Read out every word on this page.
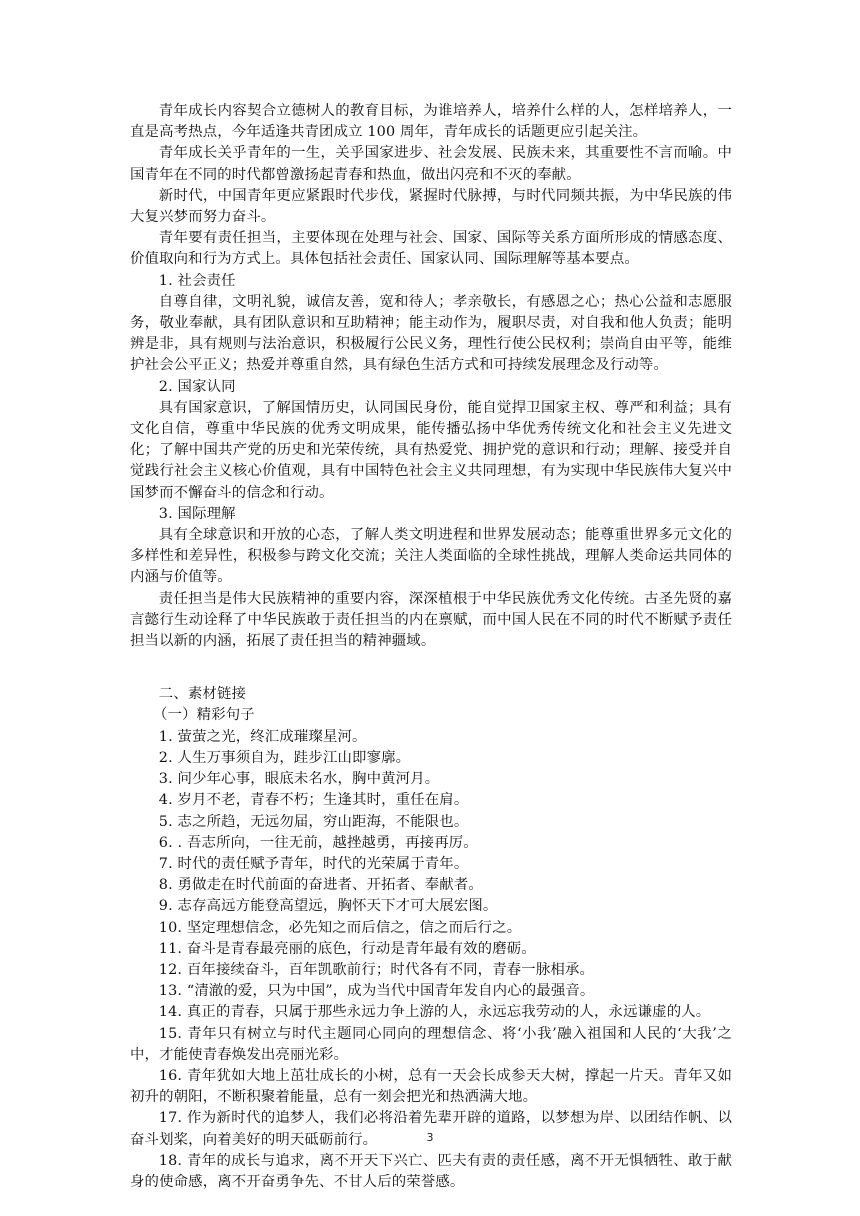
青年成长内容契合立德树人的教育目标，为谁培养人，培养什么样的人，怎样培养人，一直是高考热点，今年适逢共青团成立 100 周年，青年成长的话题更应引起关注。

青年成长关乎青年的一生，关乎国家进步、社会发展、民族未来，其重要性不言而喻。中国青年在不同的时代都曾激扬起青春和热血，做出闪亮和不灭的奉献。

新时代，中国青年更应紧跟时代步伐，紧握时代脉搏，与时代同频共振，为中华民族的伟大复兴梦而努力奋斗。

青年要有责任担当，主要体现在处理与社会、国家、国际等关系方面所形成的情感态度、价值取向和行为方式上。具体包括社会责任、国家认同、国际理解等基本要点。

1. 社会责任

自尊自律，文明礼貌，诚信友善，宽和待人；孝亲敬长，有感恩之心；热心公益和志愿服务，敬业奉献，具有团队意识和互助精神；能主动作为，履职尽责，对自我和他人负责；能明辨是非，具有规则与法治意识，积极履行公民义务，理性行使公民权利；崇尚自由平等，能维护社会公平正义；热爱并尊重自然，具有绿色生活方式和可持续发展理念及行动等。

2. 国家认同

具有国家意识，了解国情历史，认同国民身份，能自觉捍卫国家主权、尊严和利益；具有文化自信，尊重中华民族的优秀文明成果，能传播弘扬中华优秀传统文化和社会主义先进文化；了解中国共产党的历史和光荣传统，具有热爱党、拥护党的意识和行动；理解、接受并自觉践行社会主义核心价值观，具有中国特色社会主义共同理想，有为实现中华民族伟大复兴中国梦而不懈奋斗的信念和行动。

3. 国际理解

具有全球意识和开放的心态，了解人类文明进程和世界发展动态；能尊重世界多元文化的多样性和差异性，积极参与跨文化交流；关注人类面临的全球性挑战，理解人类命运共同体的内涵与价值等。

责任担当是伟大民族精神的重要内容，深深植根于中华民族优秀文化传统。古圣先贤的嘉言懿行生动诠释了中华民族敢于责任担当的内在禀赋，而中国人民在不同的时代不断赋予责任担当以新的内涵，拓展了责任担当的精神疆域。

二、素材链接

（一）精彩句子

1. 萤萤之光，终汇成璀璨星河。

2. 人生万事须自为，跬步江山即寥廓。

3. 问少年心事，眼底未名水，胸中黄河月。

4. 岁月不老，青春不朽；生逢其时，重任在肩。

5. 志之所趋，无远勿届，穷山距海，不能限也。

6. . 吾志所向，一往无前，越挫越勇，再接再厉。

7. 时代的责任赋予青年，时代的光荣属于青年。

8. 勇做走在时代前面的奋进者、开拓者、奉献者。

9. 志存高远方能登高望远，胸怀天下才可大展宏图。

10. 坚定理想信念，必先知之而后信之，信之而后行之。

11. 奋斗是青春最亮丽的底色，行动是青年最有效的磨砺。

12. 百年接续奋斗，百年凯歌前行；时代各有不同，青春一脉相承。

13. “清澈的爱，只为中国”，成为当代中国青年发自内心的最强音。

14. 真正的青春，只属于那些永远力争上游的人，永远忘我劳动的人，永远谦虚的人。

15. 青年只有树立与时代主题同心同向的理想信念、将‘小我’融入祖国和人民的‘大我’之中，才能使青春焕发出亮丽光彩。

16. 青年犹如大地上茁壮成长的小树，总有一天会长成参天大树，撑起一片天。青年又如初升的朝阳，不断积聚着能量，总有一刻会把光和热洒满大地。

17. 作为新时代的追梦人，我们必将沿着先辈开辟的道路，以梦想为岸、以团结作帆、以奋斗划桨，向着美好的明天砥砺前行。

18. 青年的成长与追求，离不开天下兴亡、匹夫有责的责任感，离不开无惧牺牲、敢于献身的使命感，离不开奋勇争先、不甘人后的荣誉感。

3
